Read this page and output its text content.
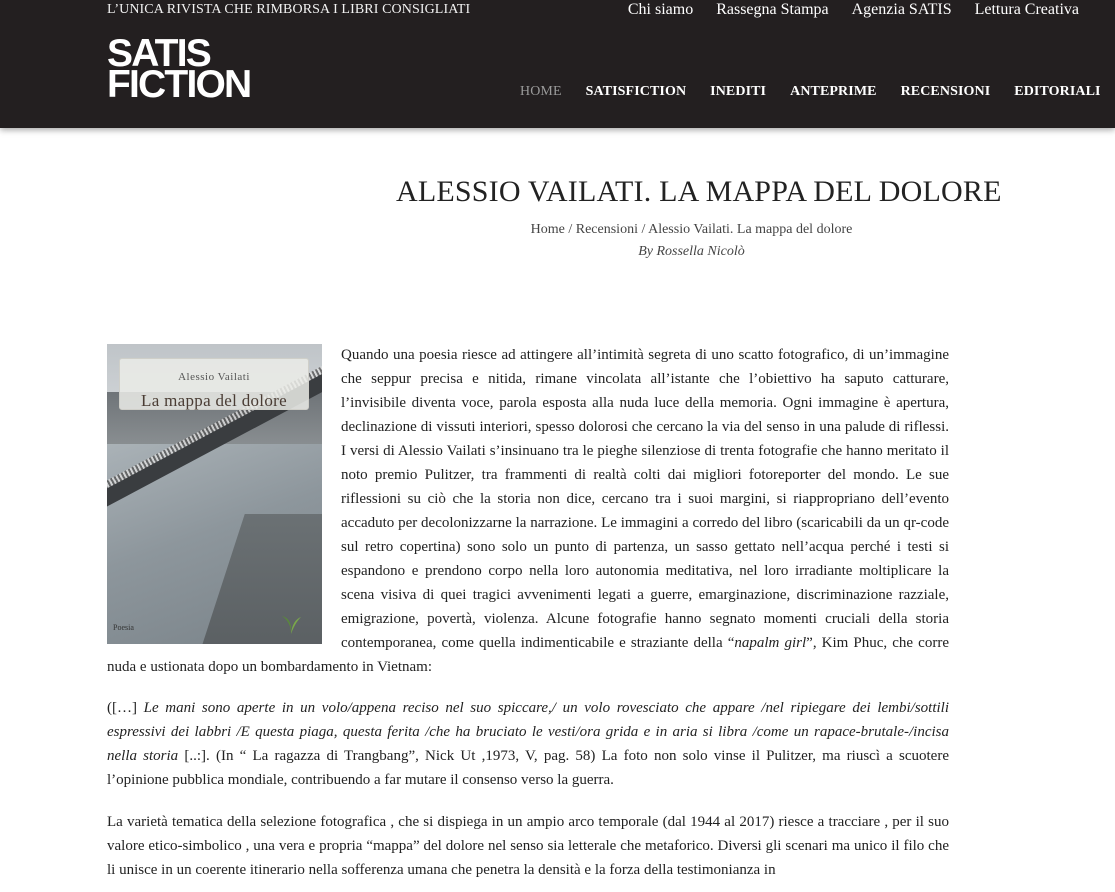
L’UNICA RIVISTA CHE RIMBORSA I LIBRI CONSIGLIATI	Chi siamo Rassegna Stampa Agenzia SATIS Lettura Creativa
SATIS
FICTION	HOME SATISFICTION INEDITI ANTEPRIME RECENSIONI EDITORIALI
ALESSIO VAILATI. LA MAPPA DEL DOLORE
Home / Recensioni / Alessio Vailati. La mappa del dolore
By Rossella Nicolò
Alessio Vailati
La mappa del dolore
Poesia

Quando una poesia riesce ad attingere all’intimità segreta di uno scatto fotografico, di un’immagine che seppur precisa e nitida, rimane vincolata all’istante che l’obiettivo ha saputo catturare, l’invisibile diventa voce, parola esposta alla nuda luce della memoria. Ogni immagine è apertura, declinazione di vissuti interiori, spesso dolorosi che cercano la via del senso in una palude di riflessi. I versi di Alessio Vailati s’insinuano tra le pieghe silenziose di trenta fotografie che hanno meritato il noto premio Pulitzer, tra frammenti di realtà colti dai migliori fotoreporter del mondo. Le sue riflessioni su ciò che la storia non dice, cercano tra i suoi margini, si riappropriano dell’evento accaduto per decolonizzarne la narrazione. Le immagini a corredo del libro (scaricabili da un qr-code sul retro copertina) sono solo un punto di partenza, un sasso gettato nell’acqua perché i testi si espandono e prendono corpo nella loro autonomia meditativa, nel loro irradiante moltiplicare la scena visiva di quei tragici avvenimenti legati a guerre, emarginazione, discriminazione razziale, emigrazione, povertà, violenza. Alcune fotografie hanno segnato momenti cruciali della storia contemporanea, come quella indimenticabile e straziante della “napalm girl”, Kim Phuc, che corre nuda e ustionata dopo un bombardamento in Vietnam:

([…] Le mani sono aperte in un volo/appena reciso nel suo spiccare,/ un volo rovesciato che appare /nel ripiegare dei lembi/sottili espressivi dei labbri /E questa piaga, questa ferita /che ha bruciato le vesti/ora grida e in aria si libra /come un rapace-brutale-/incisa nella storia [..:]. (In “ La ragazza di Trangbang”, Nick Ut ,1973, V, pag. 58) La foto non solo vinse il Pulitzer, ma riuscì a scuotere l’opinione pubblica mondiale, contribuendo a far mutare il consenso verso la guerra.

La varietà tematica della selezione fotografica , che si dispiega in un ampio arco temporale (dal 1944 al 2017) riesce a tracciare , per il suo valore etico-simbolico , una vera e propria “mappa” del dolore nel senso sia letterale che metaforico. Diversi gli scenari ma unico il filo che li unisce in un coerente itinerario nella sofferenza umana che penetra la densità e la forza della testimonianza in
